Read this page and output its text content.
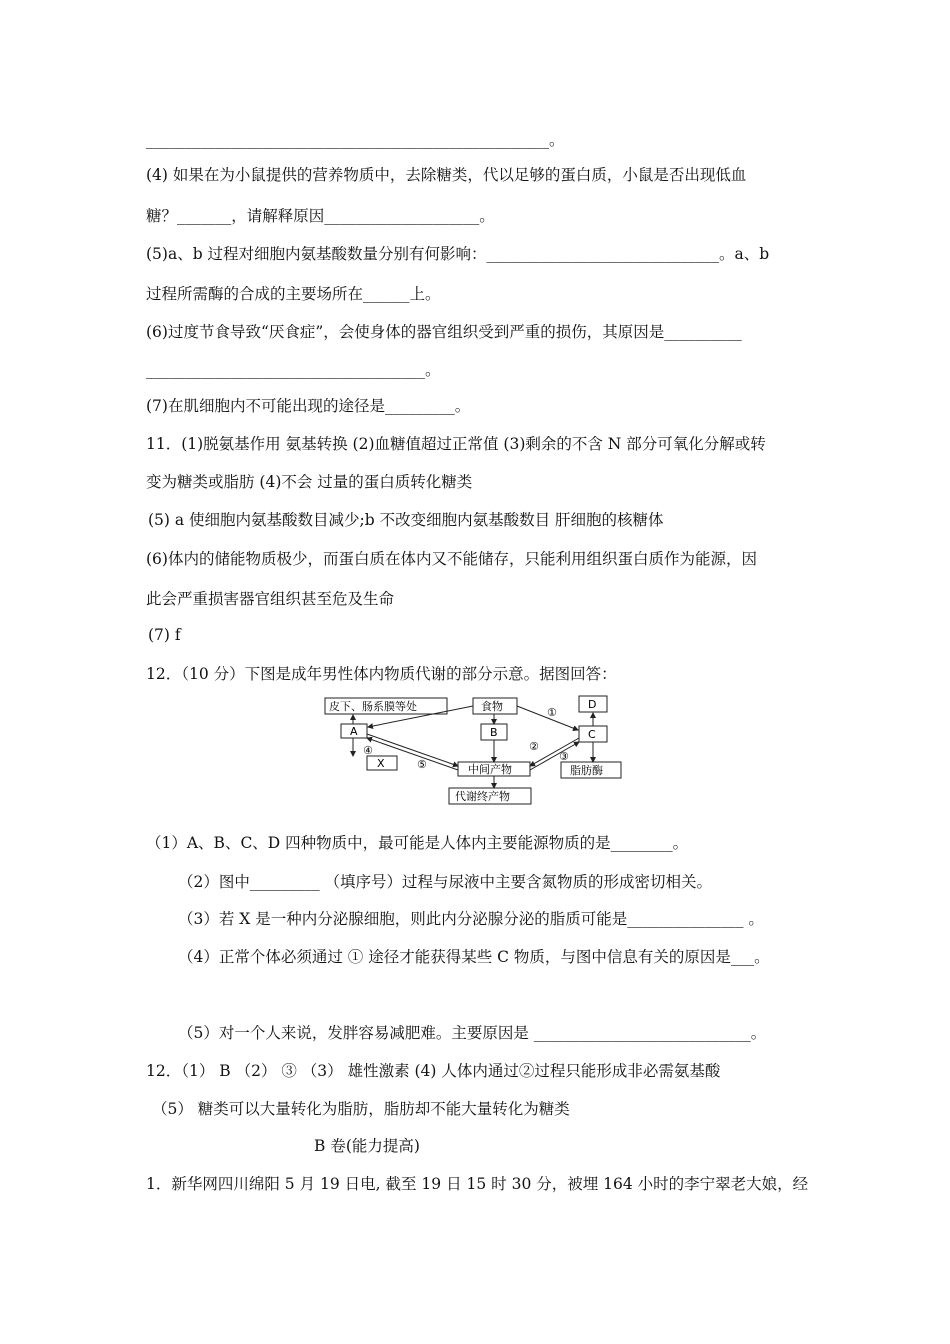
____________________________________________________。
(4) 如果在为小鼠提供的营养物质中，去除糖类，代以足够的蛋白质，小鼠是否出现低血
糖？_______，请解释原因____________________。
(5)a、b 过程对细胞内氨基酸数量分别有何影响：______________________________。a、b
过程所需酶的合成的主要场所在______上。
(6)过度节食导致“厌食症”，会使身体的器官组织受到严重的损伤，其原因是__________
____________________________________。
(7)在肌细胞内不可能出现的途径是_________。
11．(1)脱氨基作用 氨基转换 (2)血糖值超过正常值 (3)剩余的不含 N 部分可氧化分解或转
变为糖类或脂肪 (4)不会 过量的蛋白质转化糖类
(5) a 使细胞内氨基酸数目减少;b 不改变细胞内氨基酸数目 肝细胞的核糖体
(6)体内的储能物质极少，而蛋白质在体内又不能储存，只能利用组织蛋白质作为能源，因
此会严重损害器官组织甚至危及生命
(7) f
12．（10 分）下图是成年男性体内物质代谢的部分示意。据图回答：
皮下、肠系膜等处	食物	D
A	B	C
X	中间产物	脂肪酶
代谢终产物
①
②
③
④
⑤
（1）A、B、C、D 四种物质中，最可能是人体内主要能源物质的是________。
（2）图中_________ （填序号）过程与尿液中主要含氮物质的形成密切相关。
（3）若 X 是一种内分泌腺细胞，则此内分泌腺分泌的脂质可能是_______________ 。
（4）正常个体必须通过 ① 途径才能获得某些 C 物质，与图中信息有关的原因是___。
（5）对一个人来说，发胖容易减肥难。主要原因是 ____________________________。
12．（1） B （2） ③ （3） 雄性激素 (4) 人体内通过②过程只能形成非必需氨基酸
（5） 糖类可以大量转化为脂肪，脂肪却不能大量转化为糖类
B 卷(能力提高)
1．新华网四川绵阳 5 月 19 日电, 截至 19 日 15 时 30 分，被埋 164 小时的李宁翠老大娘，经
